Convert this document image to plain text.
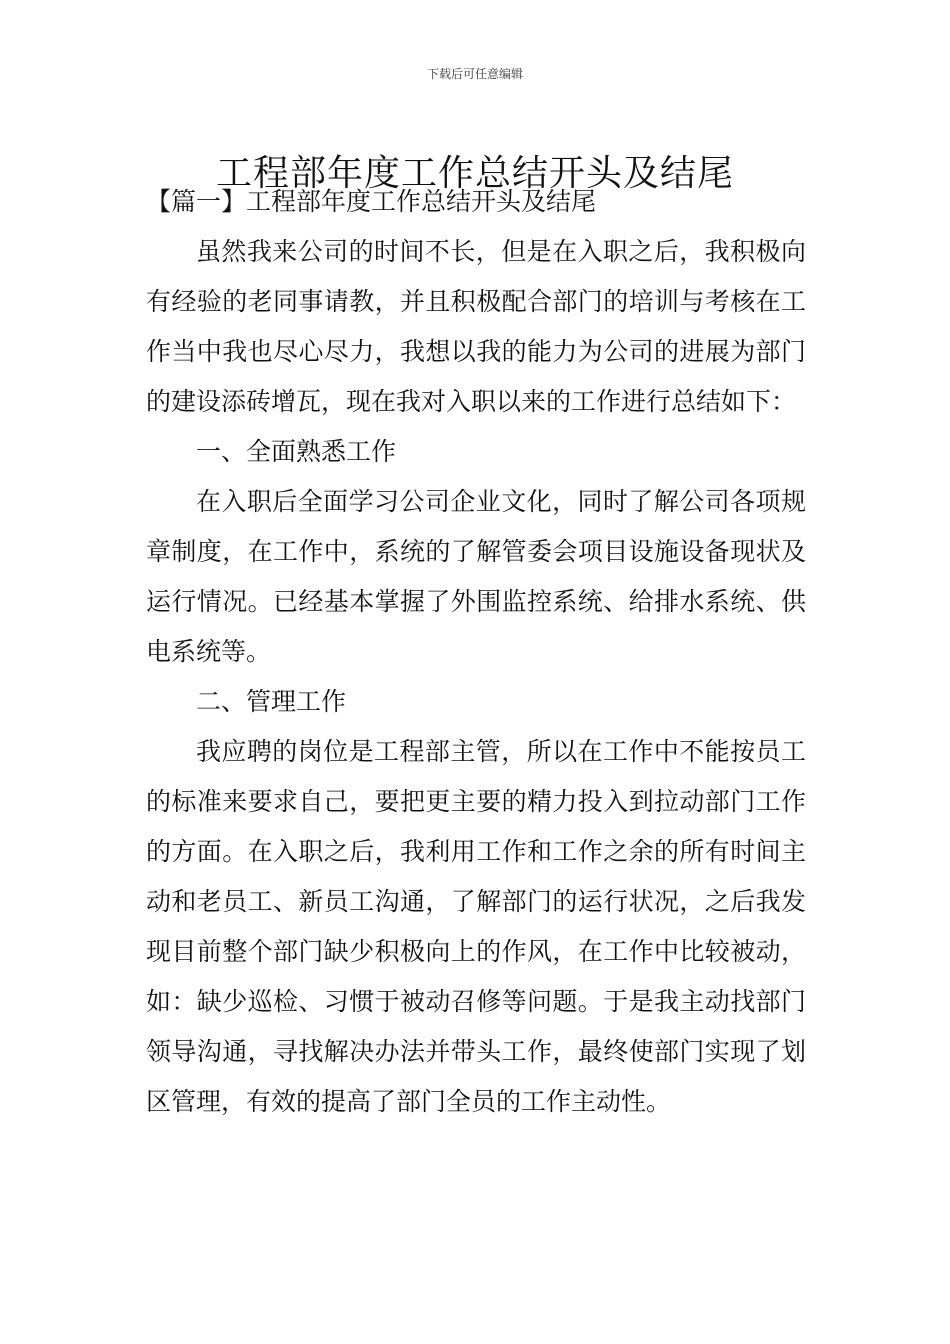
下载后可任意编辑
工程部年度工作总结开头及结尾

【篇一】工程部年度工作总结开头及结尾

虽然我来公司的时间不长，但是在入职之后，我积极向有经验的老同事请教，并且积极配合部门的培训与考核在工作当中我也尽心尽力，我想以我的能力为公司的进展为部门的建设添砖增瓦，现在我对入职以来的工作进行总结如下：

一、全面熟悉工作

在入职后全面学习公司企业文化，同时了解公司各项规章制度，在工作中，系统的了解管委会项目设施设备现状及运行情况。已经基本掌握了外围监控系统、给排水系统、供电系统等。

二、管理工作

我应聘的岗位是工程部主管，所以在工作中不能按员工的标准来要求自己，要把更主要的精力投入到拉动部门工作的方面。在入职之后，我利用工作和工作之余的所有时间主动和老员工、新员工沟通，了解部门的运行状况，之后我发现目前整个部门缺少积极向上的作风，在工作中比较被动，如：缺少巡检、习惯于被动召修等问题。于是我主动找部门领导沟通，寻找解决办法并带头工作，最终使部门实现了划区管理，有效的提高了部门全员的工作主动性。
